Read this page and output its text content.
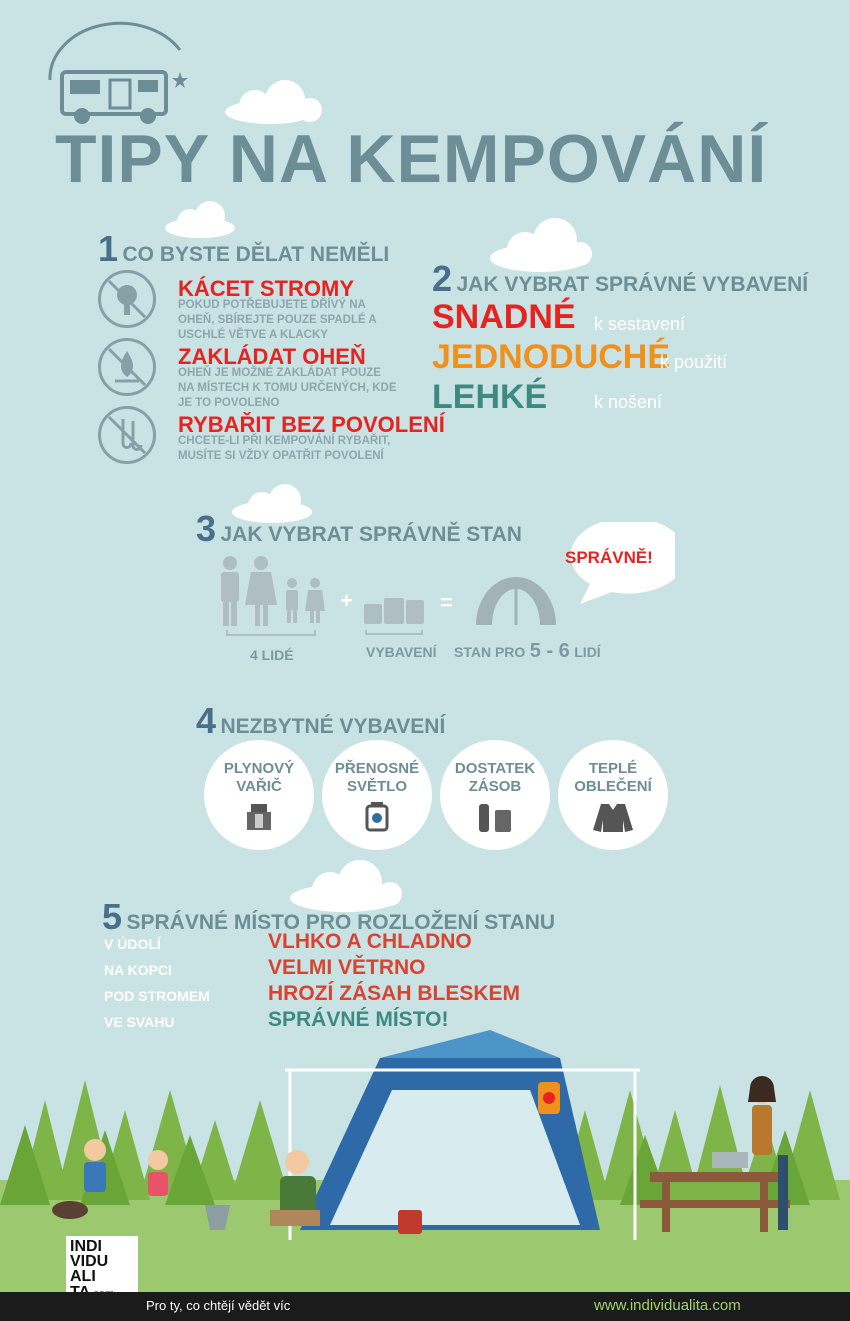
TIPY NA KEMPOVÁNÍ
1 CO BYSTE DĚLAT NEMĚLI
KÁCET STROMY
POKUD POTŘEBUJETE DŘÍVÝ NA OHEŇ, SBÍREJTE POUZE SPADLÉ A USCHLÉ VĚTVE A KLACKY
ZAKLÁDAT OHEŇ
OHEŇ JE MOŽNÉ ZAKLÁDAT POUZE NA MÍSTECH K TOMU URČENÝCH, KDE JE TO POVOLENO
RYBAŘIT BEZ POVOLENÍ
CHCETE-LI PŘI KEMPOVÁNÍ RYBAŘIT, MUSÍTE SI VŽDY OPATŘIT POVOLENÍ
2 JAK VYBRAT SPRÁVNÉ VYBAVENÍ
SNADNÉ k sestavení
JEDNODUCHÉ
k použití
LEHKÉ	k nošení
3 JAK VYBRAT SPRÁVNĚ STAN
+	=
SPRÁVNĚ!
4 LIDÉ	VYBAVENÍ STAN PRO 5 - 6 LIDÍ
4 NEZBYTNÉ VYBAVENÍ
PLYNOVÝ
VAŘIČ
PŘENOSNÉ
SVĚTLO
DOSTATEK
ZÁSOB
TEPLÉ
OBLEČENÍ
5 SPRÁVNÉ MÍSTO PRO ROZLOŽENÍ STANU
V ÚDOLÍ	VLHKO A CHLADNO
NA KOPCI	VELMI VĚTRNO
POD STROMEM	HROZÍ ZÁSAH BLESKEM
VE SVAHU	SPRÁVNÉ MÍSTO!
INDI
VIDU
ALI
Pro ty, co chtějí vědět víc	www.individualita.com
